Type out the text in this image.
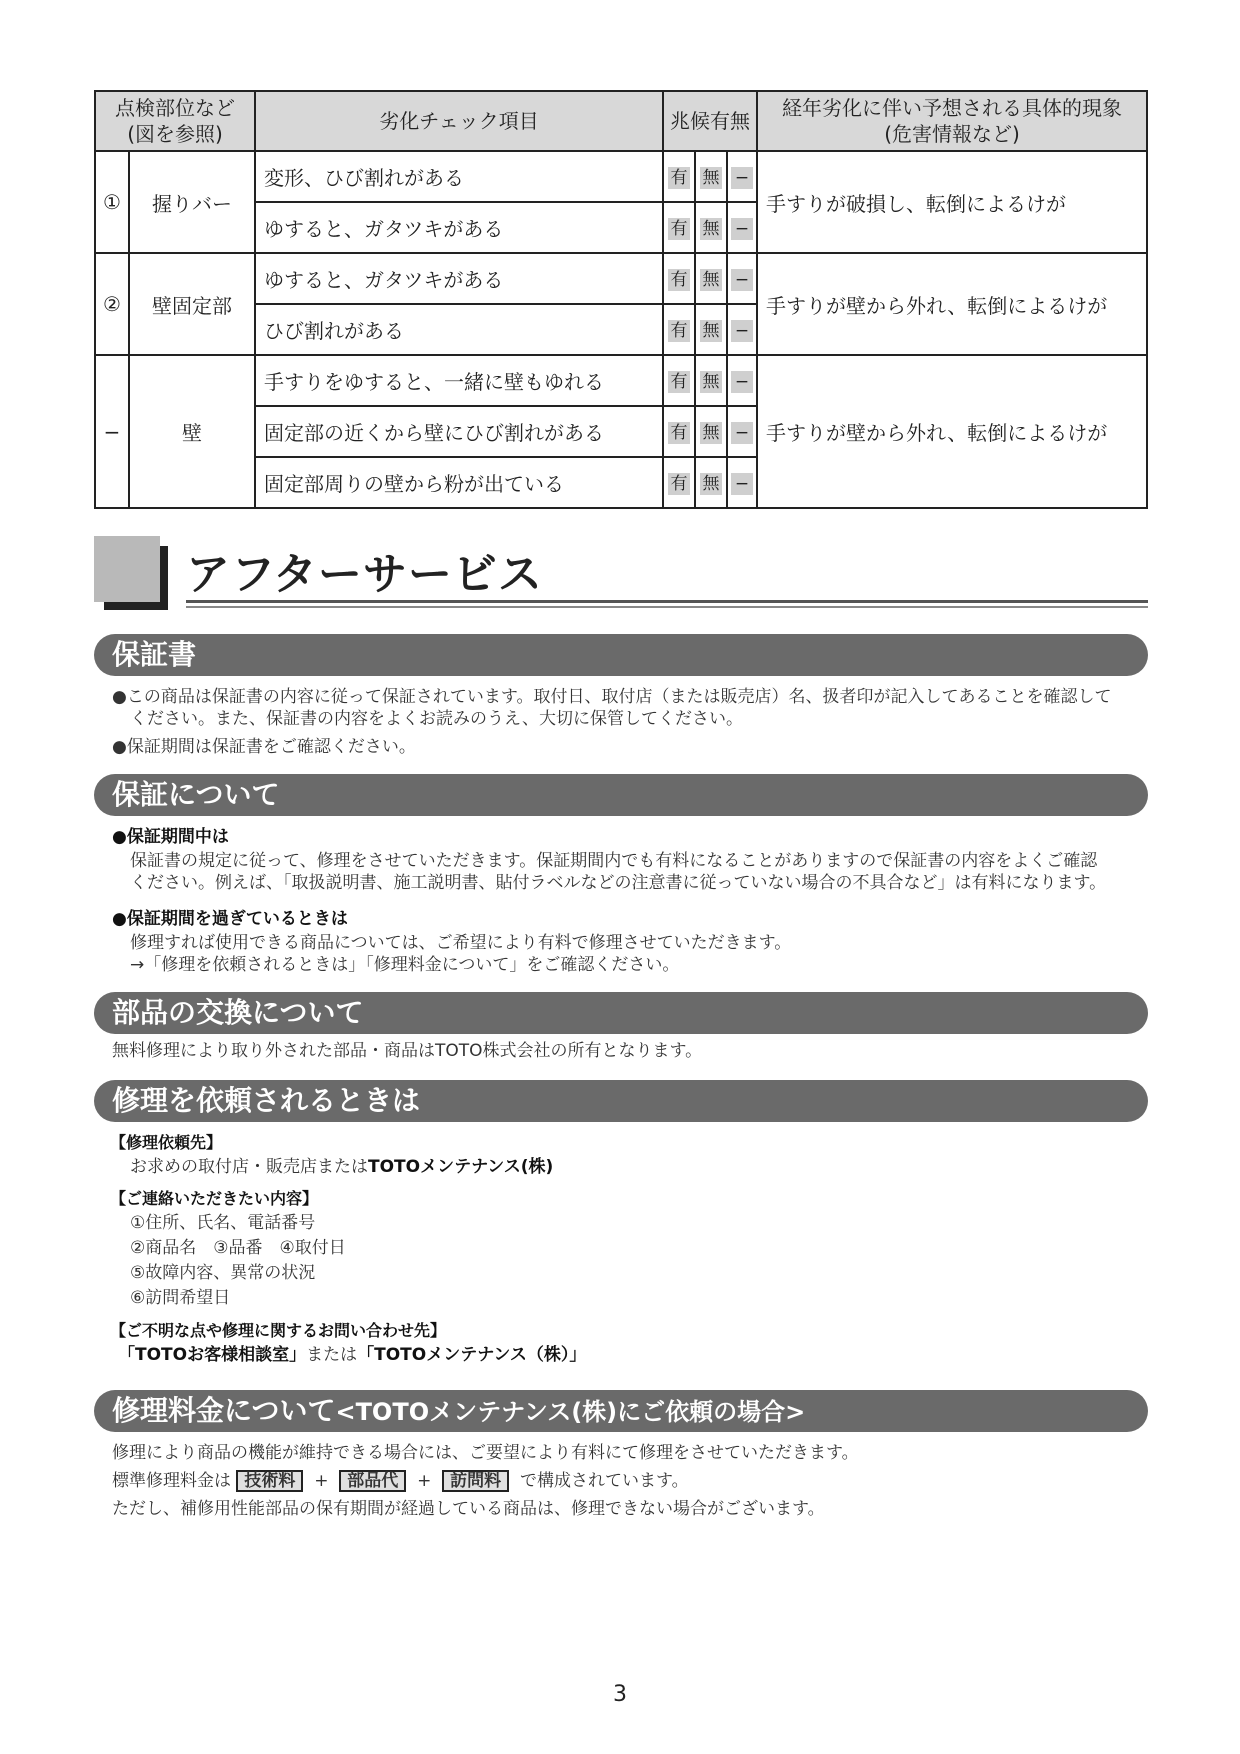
点検部位など
(図を参照)		劣化チェック項目	兆候有無			経年劣化に伴い予想される具体的現象
(危害情報など)
①	握りバー	変形、ひび割れがある	有	無	−	手すりが破損し、転倒によるけが
		ゆすると、ガタツキがある	有	無	−	
②	壁固定部	ゆすると、ガタツキがある	有	無	−	手すりが壁から外れ、転倒によるけが
		ひび割れがある	有	無	−	
−	壁	手すりをゆすると、一緒に壁もゆれる	有	無	−	手すりが壁から外れ、転倒によるけが
		固定部の近くから壁にひび割れがある	有	無	−	
		固定部周りの壁から粉が出ている	有	無	−	
アフターサービス
保証書
●この商品は保証書の内容に従って保証されています。取付日、取付店（または販売店）名、扱者印が記入してあることを確認して
ください。また、保証書の内容をよくお読みのうえ、大切に保管してください。
●保証期間は保証書をご確認ください。
保証について
●保証期間中は
保証書の規定に従って、修理をさせていただきます。保証期間内でも有料になることがありますので保証書の内容をよくご確認
ください。例えば、「取扱説明書、施工説明書、貼付ラベルなどの注意書に従っていない場合の不具合など」は有料になります。
●保証期間を過ぎているときは
修理すれば使用できる商品については、ご希望により有料で修理させていただきます。
→「修理を依頼されるときは」「修理料金について」をご確認ください。
部品の交換について
無料修理により取り外された部品・商品はTOTO株式会社の所有となります。
修理を依頼されるときは
【修理依頼先】
お求めの取付店・販売店またはTOTOメンテナンス(株)
【ご連絡いただきたい内容】
①住所、氏名、電話番号
②商品名　③品番　④取付日
⑤故障内容、異常の状況
⑥訪問希望日
【ご不明な点や修理に関するお問い合わせ先】
「TOTOお客様相談室」または「TOTOメンテナンス（株）」
修理料金について<TOTOメンテナンス(株)にご依頼の場合>
修理により商品の機能が維持できる場合には、ご要望により有料にて修理をさせていただきます。
標準修理料金は 技術料 + 部品代 + 訪問料 で構成されています。
ただし、補修用性能部品の保有期間が経過している商品は、修理できない場合がございます。
3
